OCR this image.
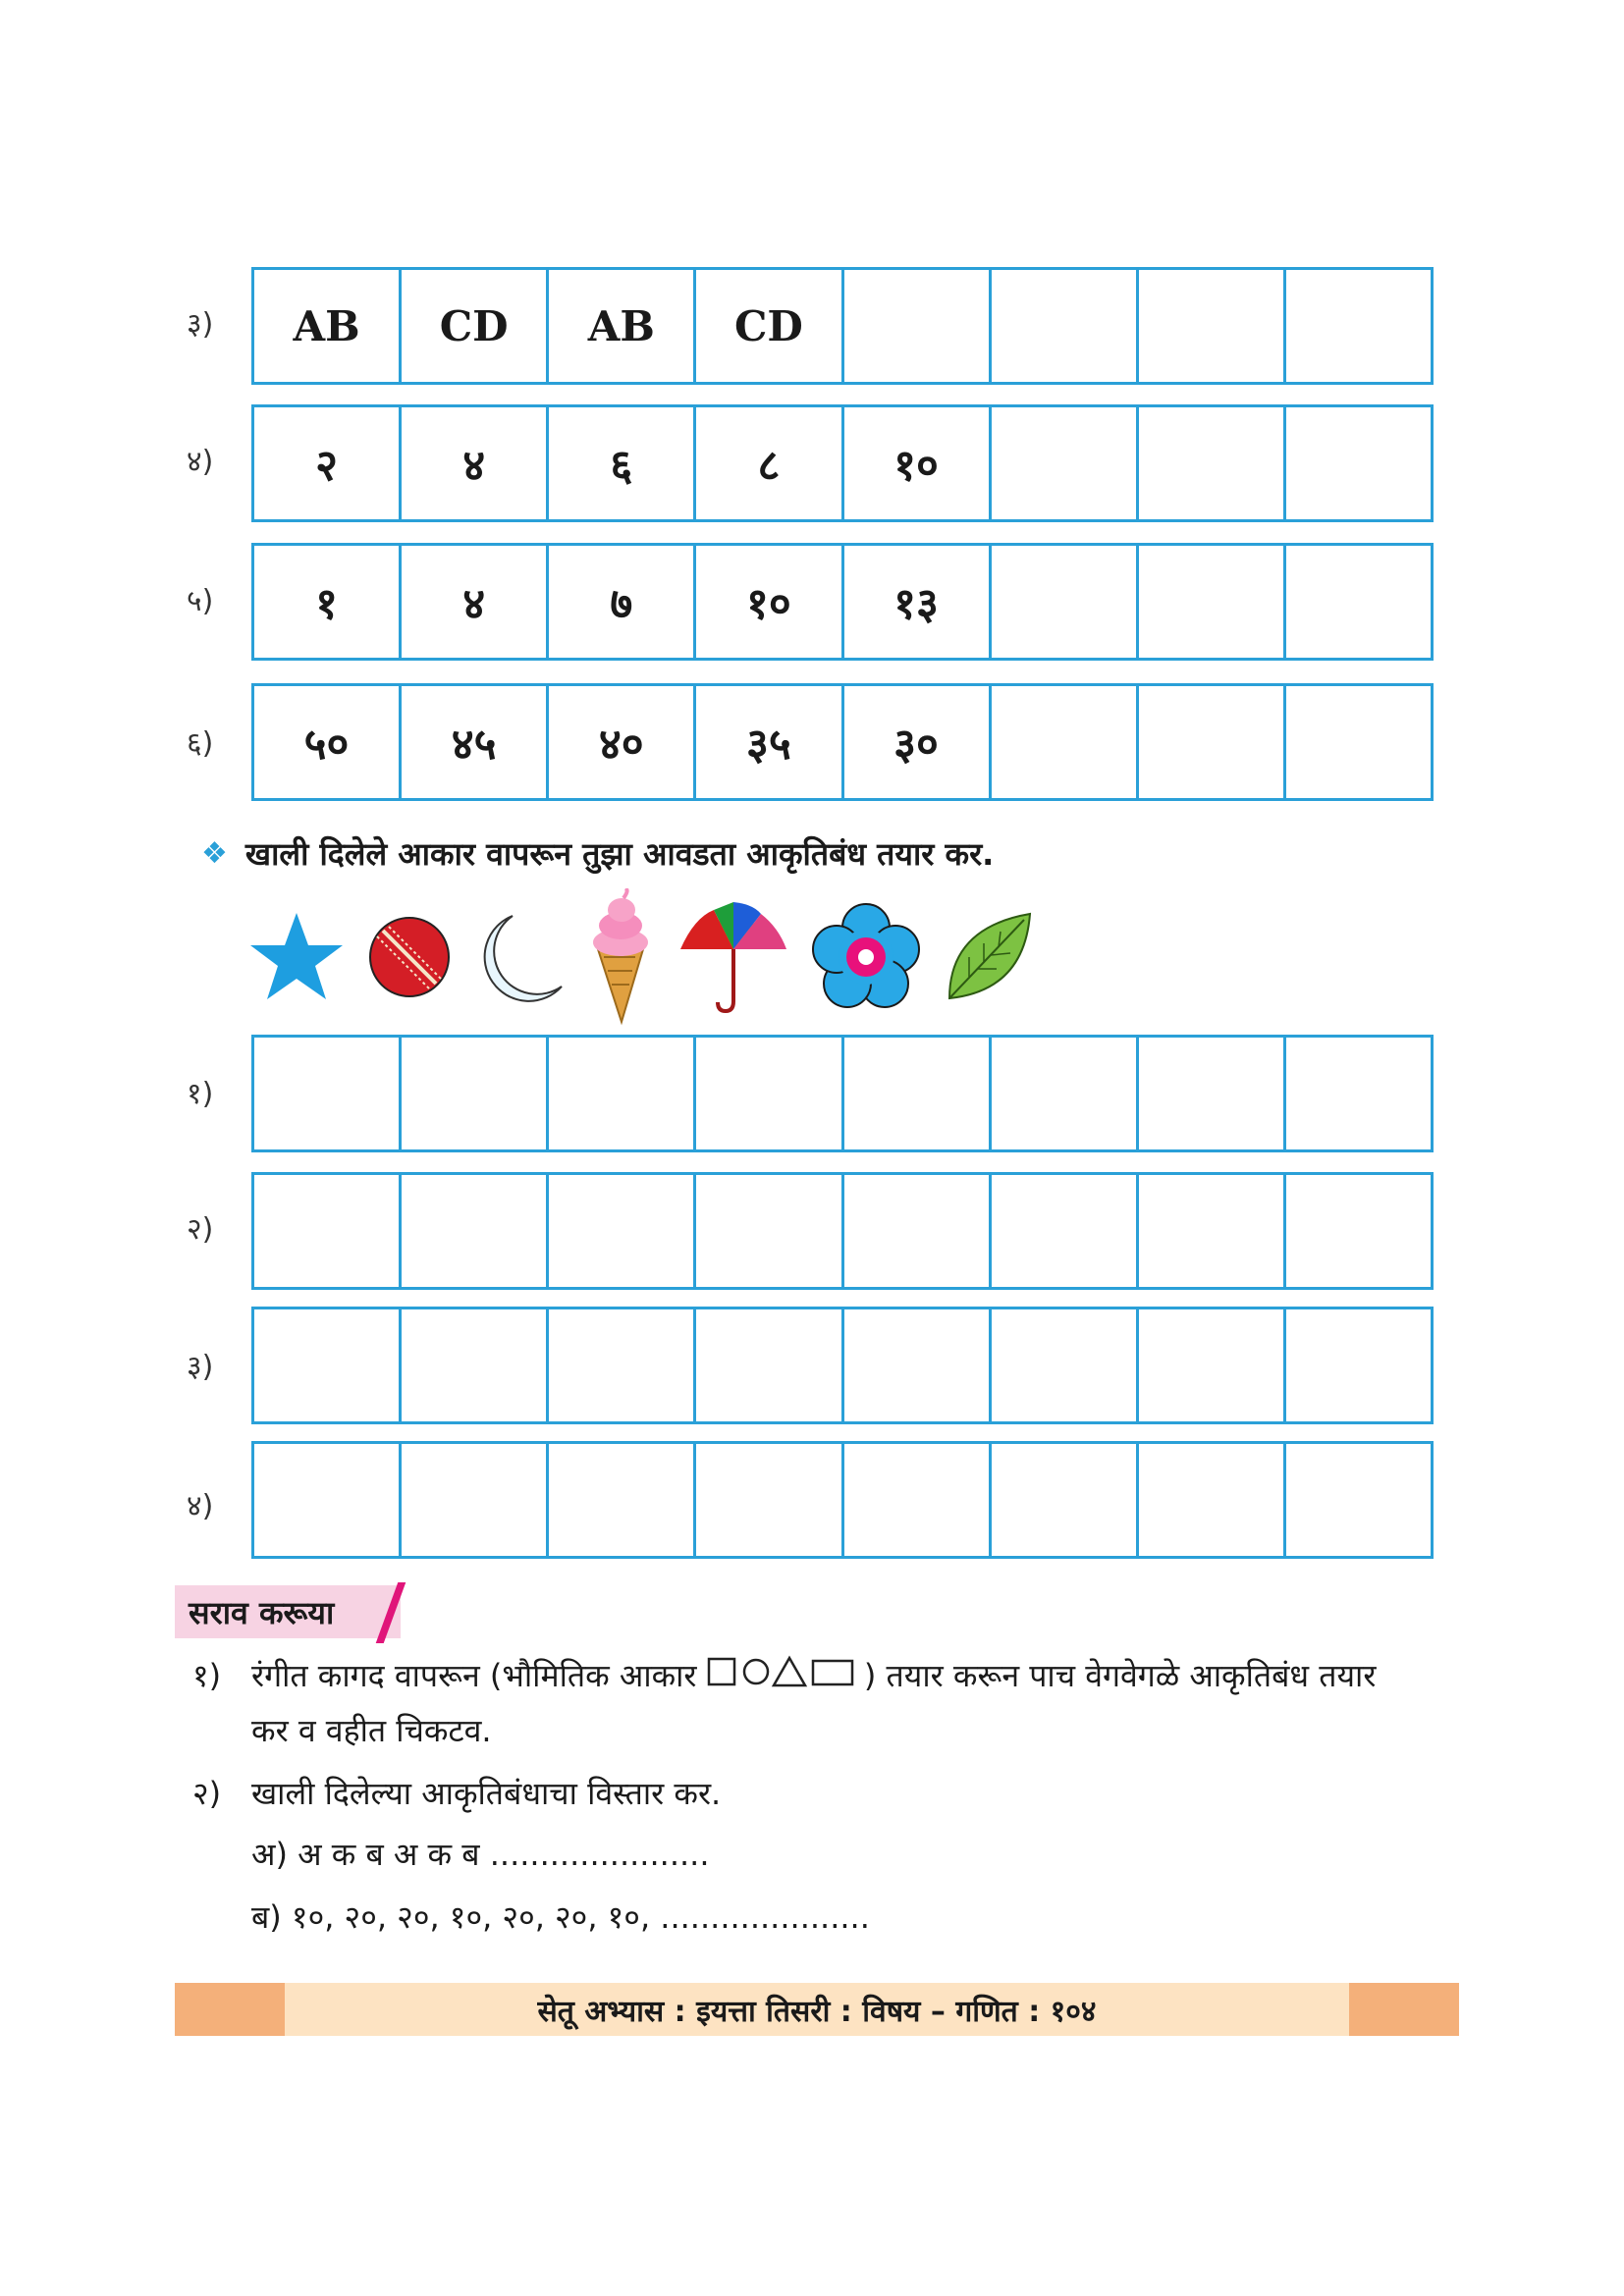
३)	AB	CD	AB	CD
४)	२	४	६	८	१०
५)	१	४	७	१०	१३
६)	५०	४५	४०	३५	३०
❖ खाली दिलेले आकार वापरून तुझा आवडता आकृतिबंध तयार कर.
१)
२)
३)
४)
सराव करूया
१) रंगीत कागद वापरून (भौमितिक आकार	) तयार करून पाच वेगवेगळे आकृतिबंध तयार
कर व वहीत चिकटव.
२) खाली दिलेल्या आकृतिबंधाचा विस्तार कर.
अ) अ क ब अ क ब ......................
ब) १०, २०, २०, १०, २०, २०, १०, .....................
सेतू अभ्यास : इयत्ता तिसरी : विषय – गणित : १०४
